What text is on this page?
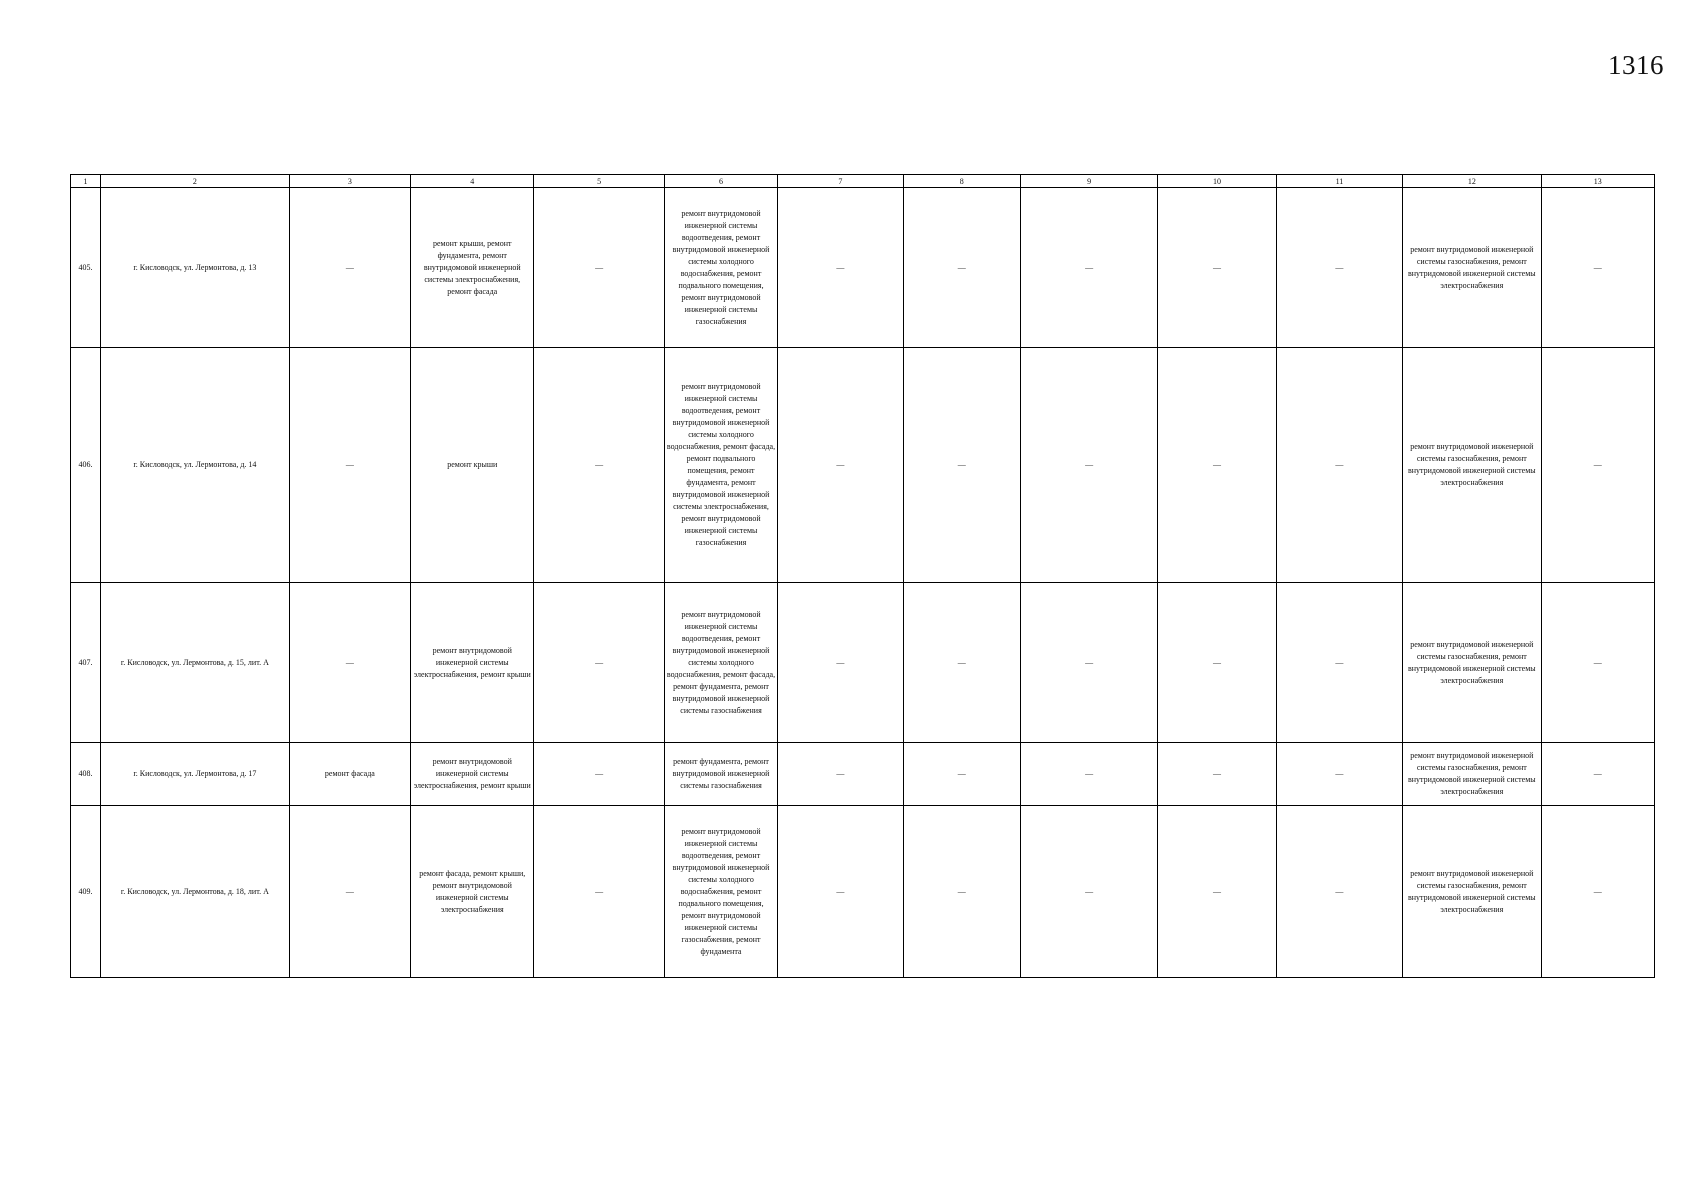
1316
1	2	3	4	5	6	7	8	9	10	11	12	13
405.	г. Кисловодск, ул. Лермонтова, д. 13	—	ремонт крыши, ремонт фундамента, ремонт внутридомовой инженерной системы электроснабжения, ремонт фасада	—	ремонт внутридомовой инженерной системы водоотведения, ремонт внутридомовой инженерной системы холодного водоснабжения, ремонт подвального помещения, ремонт внутридомовой инженерной системы газоснабжения	—	—	—	—	—	ремонт внутридомовой инженерной системы газоснабжения, ремонт внутридомовой инженерной системы электроснабжения	—
406.	г. Кисловодск, ул. Лермонтова, д. 14	—	ремонт крыши	—	ремонт внутридомовой инженерной системы водоотведения, ремонт внутридомовой инженерной системы холодного водоснабжения, ремонт фасада, ремонт подвального помещения, ремонт фундамента, ремонт внутридомовой инженерной системы электроснабжения, ремонт внутридомовой инженерной системы газоснабжения	—	—	—	—	—	ремонт внутридомовой инженерной системы газоснабжения, ремонт внутридомовой инженерной системы электроснабжения	—
407.	г. Кисловодск, ул. Лермонтова, д. 15, лит. А	—	ремонт внутридомовой инженерной системы электроснабжения, ремонт крыши	—	ремонт внутридомовой инженерной системы водоотведения, ремонт внутридомовой инженерной системы холодного водоснабжения, ремонт фасада, ремонт фундамента, ремонт внутридомовой инженерной системы газоснабжения	—	—	—	—	—	ремонт внутридомовой инженерной системы газоснабжения, ремонт внутридомовой инженерной системы электроснабжения	—
408.	г. Кисловодск, ул. Лермонтова, д. 17	ремонт фасада	ремонт внутридомовой инженерной системы электроснабжения, ремонт крыши	—	ремонт фундамента, ремонт внутридомовой инженерной системы газоснабжения	—	—	—	—	—	ремонт внутридомовой инженерной системы газоснабжения, ремонт внутридомовой инженерной системы электроснабжения	—
409.	г. Кисловодск, ул. Лермонтова, д. 18, лит. А	—	ремонт фасада, ремонт крыши, ремонт внутридомовой инженерной системы электроснабжения	—	ремонт внутридомовой инженерной системы водоотведения, ремонт внутридомовой инженерной системы холодного водоснабжения, ремонт подвального помещения, ремонт внутридомовой инженерной системы газоснабжения, ремонт фундамента	—	—	—	—	—	ремонт внутридомовой инженерной системы газоснабжения, ремонт внутридомовой инженерной системы электроснабжения	—
